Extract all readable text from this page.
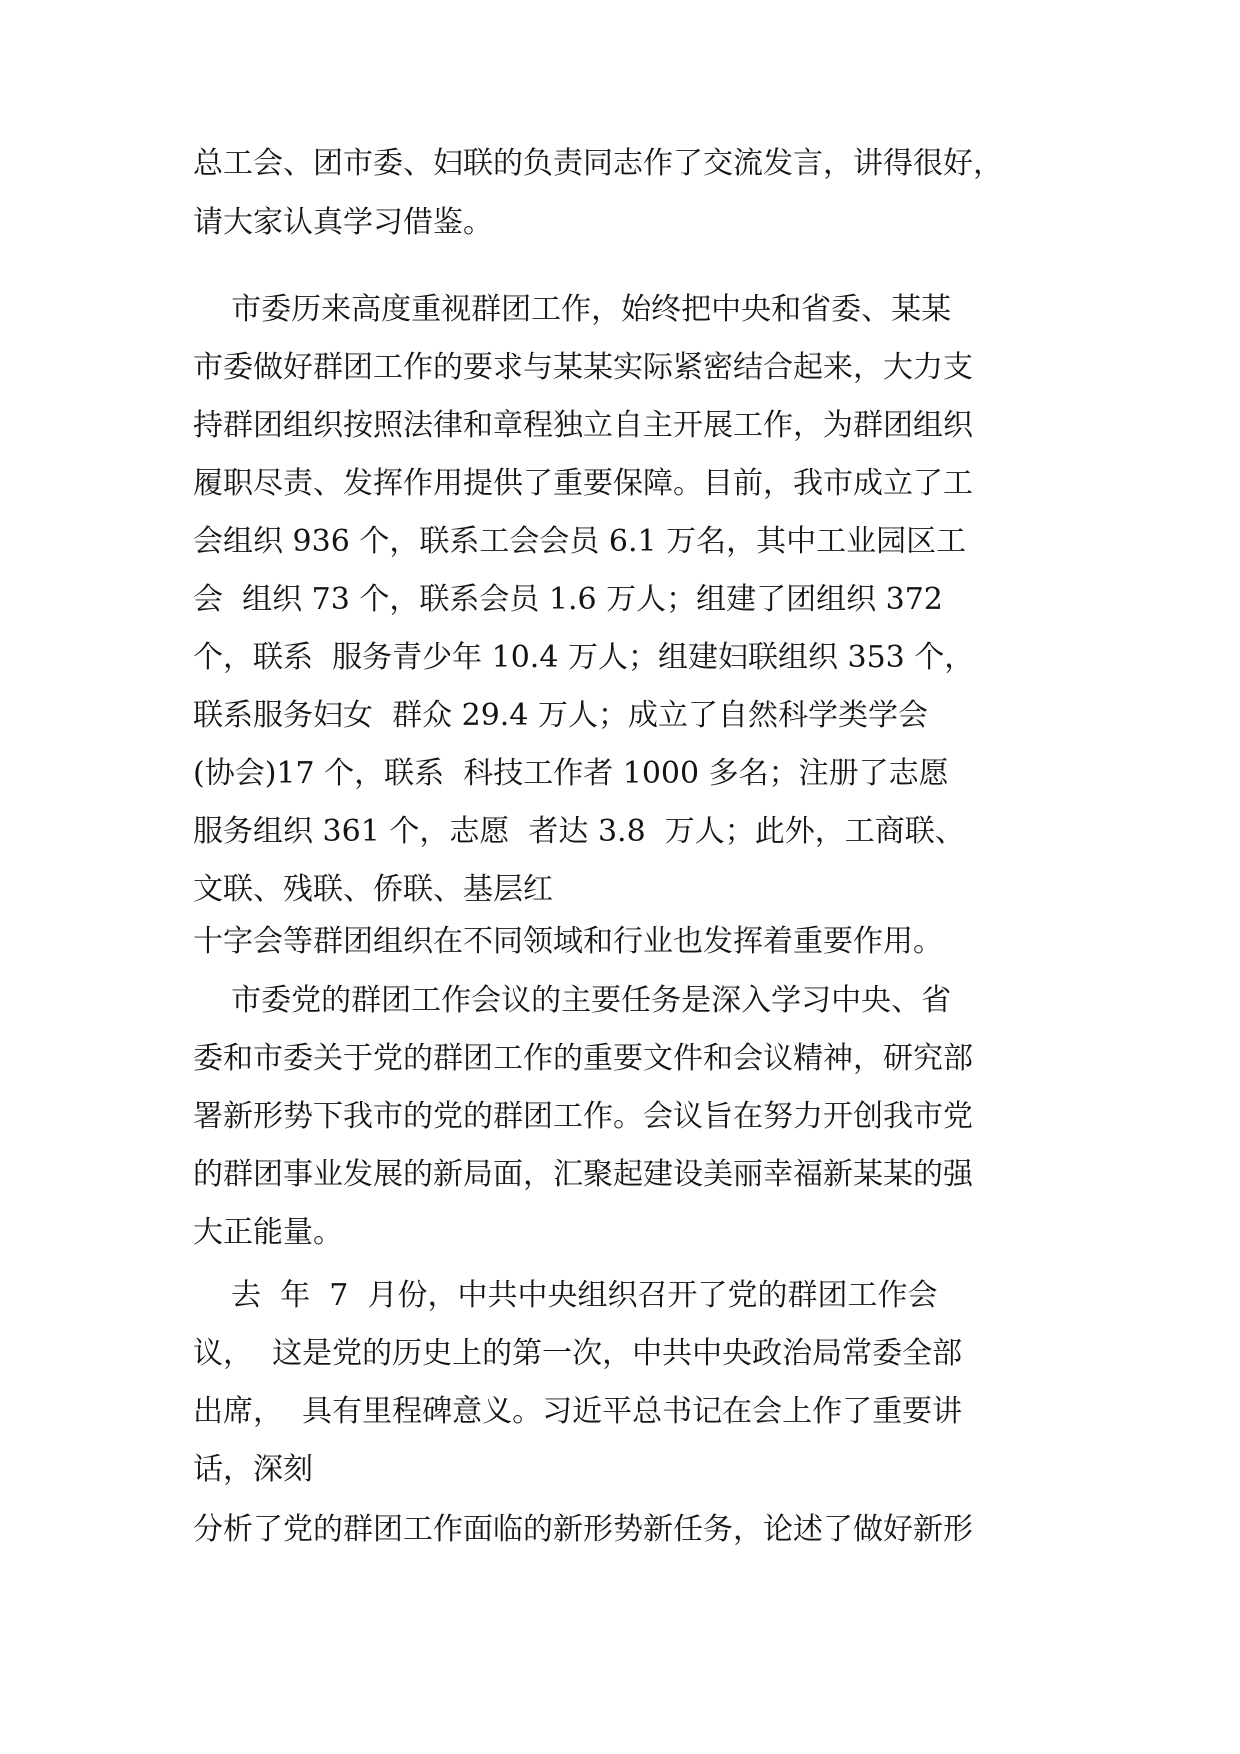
总工会、团市委、妇联的负责同志作了交流发言，讲得很好，
请大家认真学习借鉴。
市委历来高度重视群团工作，始终把中央和省委、某某
市委做好群团工作的要求与某某实际紧密结合起来，大力支
持群团组织按照法律和章程独立自主开展工作，为群团组织
履职尽责、发挥作用提供了重要保障。目前，我市成立了工
会组织 936 个，联系工会会员 6.1 万名，其中工业园区工
会  组织 73 个，联系会员 1.6 万人；组建了团组织 372
个，联系  服务青少年 10.4 万人；组建妇联组织 353 个，
联系服务妇女  群众 29.4 万人；成立了自然科学类学会
(协会)17 个，联系  科技工作者 1000 多名；注册了志愿
服务组织 361 个，志愿  者达 3.8  万人；此外，工商联、
文联、残联、侨联、基层红
十字会等群团组织在不同领域和行业也发挥着重要作用。
市委党的群团工作会议的主要任务是深入学习中央、省
委和市委关于党的群团工作的重要文件和会议精神，研究部
署新形势下我市的党的群团工作。会议旨在努力开创我市党
的群团事业发展的新局面，汇聚起建设美丽幸福新某某的强
大正能量。
去  年  7  月份，中共中央组织召开了党的群团工作会
议，  这是党的历史上的第一次，中共中央政治局常委全部
出席，  具有里程碑意义。习近平总书记在会上作了重要讲
话，深刻
分析了党的群团工作面临的新形势新任务，论述了做好新形
